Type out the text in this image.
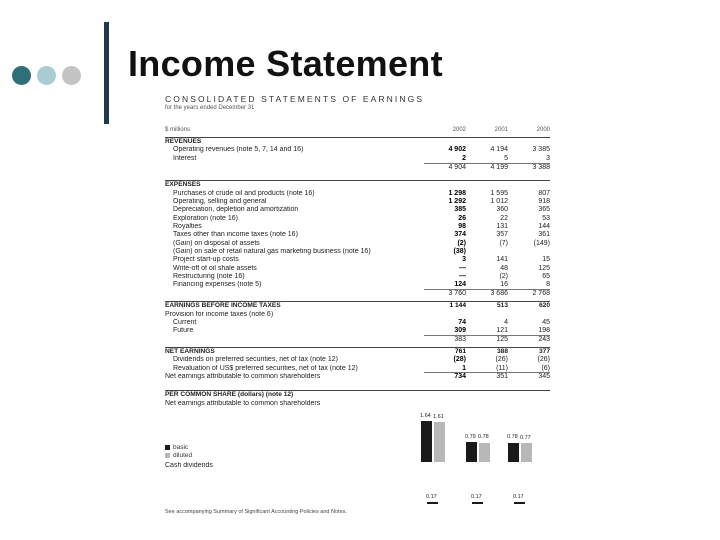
Income Statement
CONSOLIDATED STATEMENTS OF EARNINGS
for the years ended December 31
$ millions	2002	2001	2000
REVENUES
Operating revenues (note 5, 7, 14 and 16)	4 902	4 194	3 385
Interest	2	5	3
4 904	4 199	3 388
EXPENSES
Purchases of crude oil and products (note 16)	1 298	1 595	807
Operating, selling and general	1 292	1 012	918
Depreciation, depletion and amortization	385	360	365
Exploration (note 16)	26	22	53
Royalties	98	131	144
Taxes other than income taxes (note 16)	374	357	361
(Gain) on disposal of assets	(2)	(7)	(149)
(Gain) on sale of retail natural gas marketing business (note 16)	(38)
Project start-up costs	3	141	15
Write-off of oil shale assets	—	48	125
Restructuring (note 16)	—	(2)	65
Financing expenses (note 5)	124	16	8
3 760	3 686	2 768
EARNINGS BEFORE INCOME TAXES	1 144	513	620
Provision for income taxes (note 6)
Current	74	4	45
Future	309	121	198
383	125	243
NET EARNINGS	761	388	377
Dividends on preferred securities, net of tax (note 12)	(28)	(26)	(26)
Revaluation of US$ preferred securities, net of tax (note 12)	1	(11)	(6)
Net earnings attributable to common shareholders	734	351	345
PER COMMON SHARE (dollars) (note 12)
Net earnings attributable to common shareholders
basic
diluted
1.64
0.79	0.78
1.61
0.78	0.77
Cash dividends
0.17	0.17	0.17
See accompanying Summary of Significant Accounting Policies and Notes.
